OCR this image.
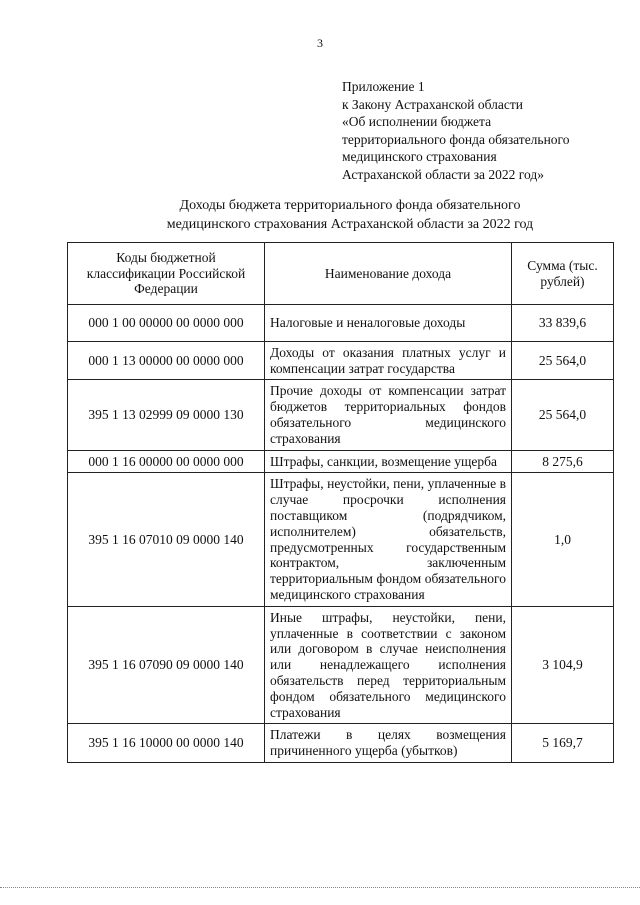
3
Приложение 1
к Закону Астраханской области
«Об исполнении бюджета
территориального фонда обязательного
медицинского страхования
Астраханской области за 2022 год»
Доходы бюджета территориального фонда обязательного
медицинского страхования Астраханской области за 2022 год
Коды бюджетной классификации Российской Федерации	Наименование дохода	Сумма (тыс. рублей)
000 1 00 00000 00 0000 000	Налоговые и неналоговые доходы	33 839,6
000 1 13 00000 00 0000 000	Доходы от оказания платных услуг и компенсации затрат государства	25 564,0
395 1 13 02999 09 0000 130	Прочие доходы от компенсации затрат бюджетов территориальных фондов обязательного медицинского страхования	25 564,0
000 1 16 00000 00 0000 000	Штрафы, санкции, возмещение ущерба	8 275,6
395 1 16 07010 09 0000 140	Штрафы, неустойки, пени, уплаченные в случае просрочки исполнения поставщиком (подрядчиком, исполнителем) обязательств, предусмотренных государственным контрактом, заключенным территориальным фондом обязательного медицинского страхования	1,0
395 1 16 07090 09 0000 140	Иные штрафы, неустойки, пени, уплаченные в соответствии с законом или договором в случае неисполнения или ненадлежащего исполнения обязательств перед территориальным фондом обязательного медицинского страхования	3 104,9
395 1 16 10000 00 0000 140	Платежи в целях возмещения причиненного ущерба (убытков)	5 169,7
